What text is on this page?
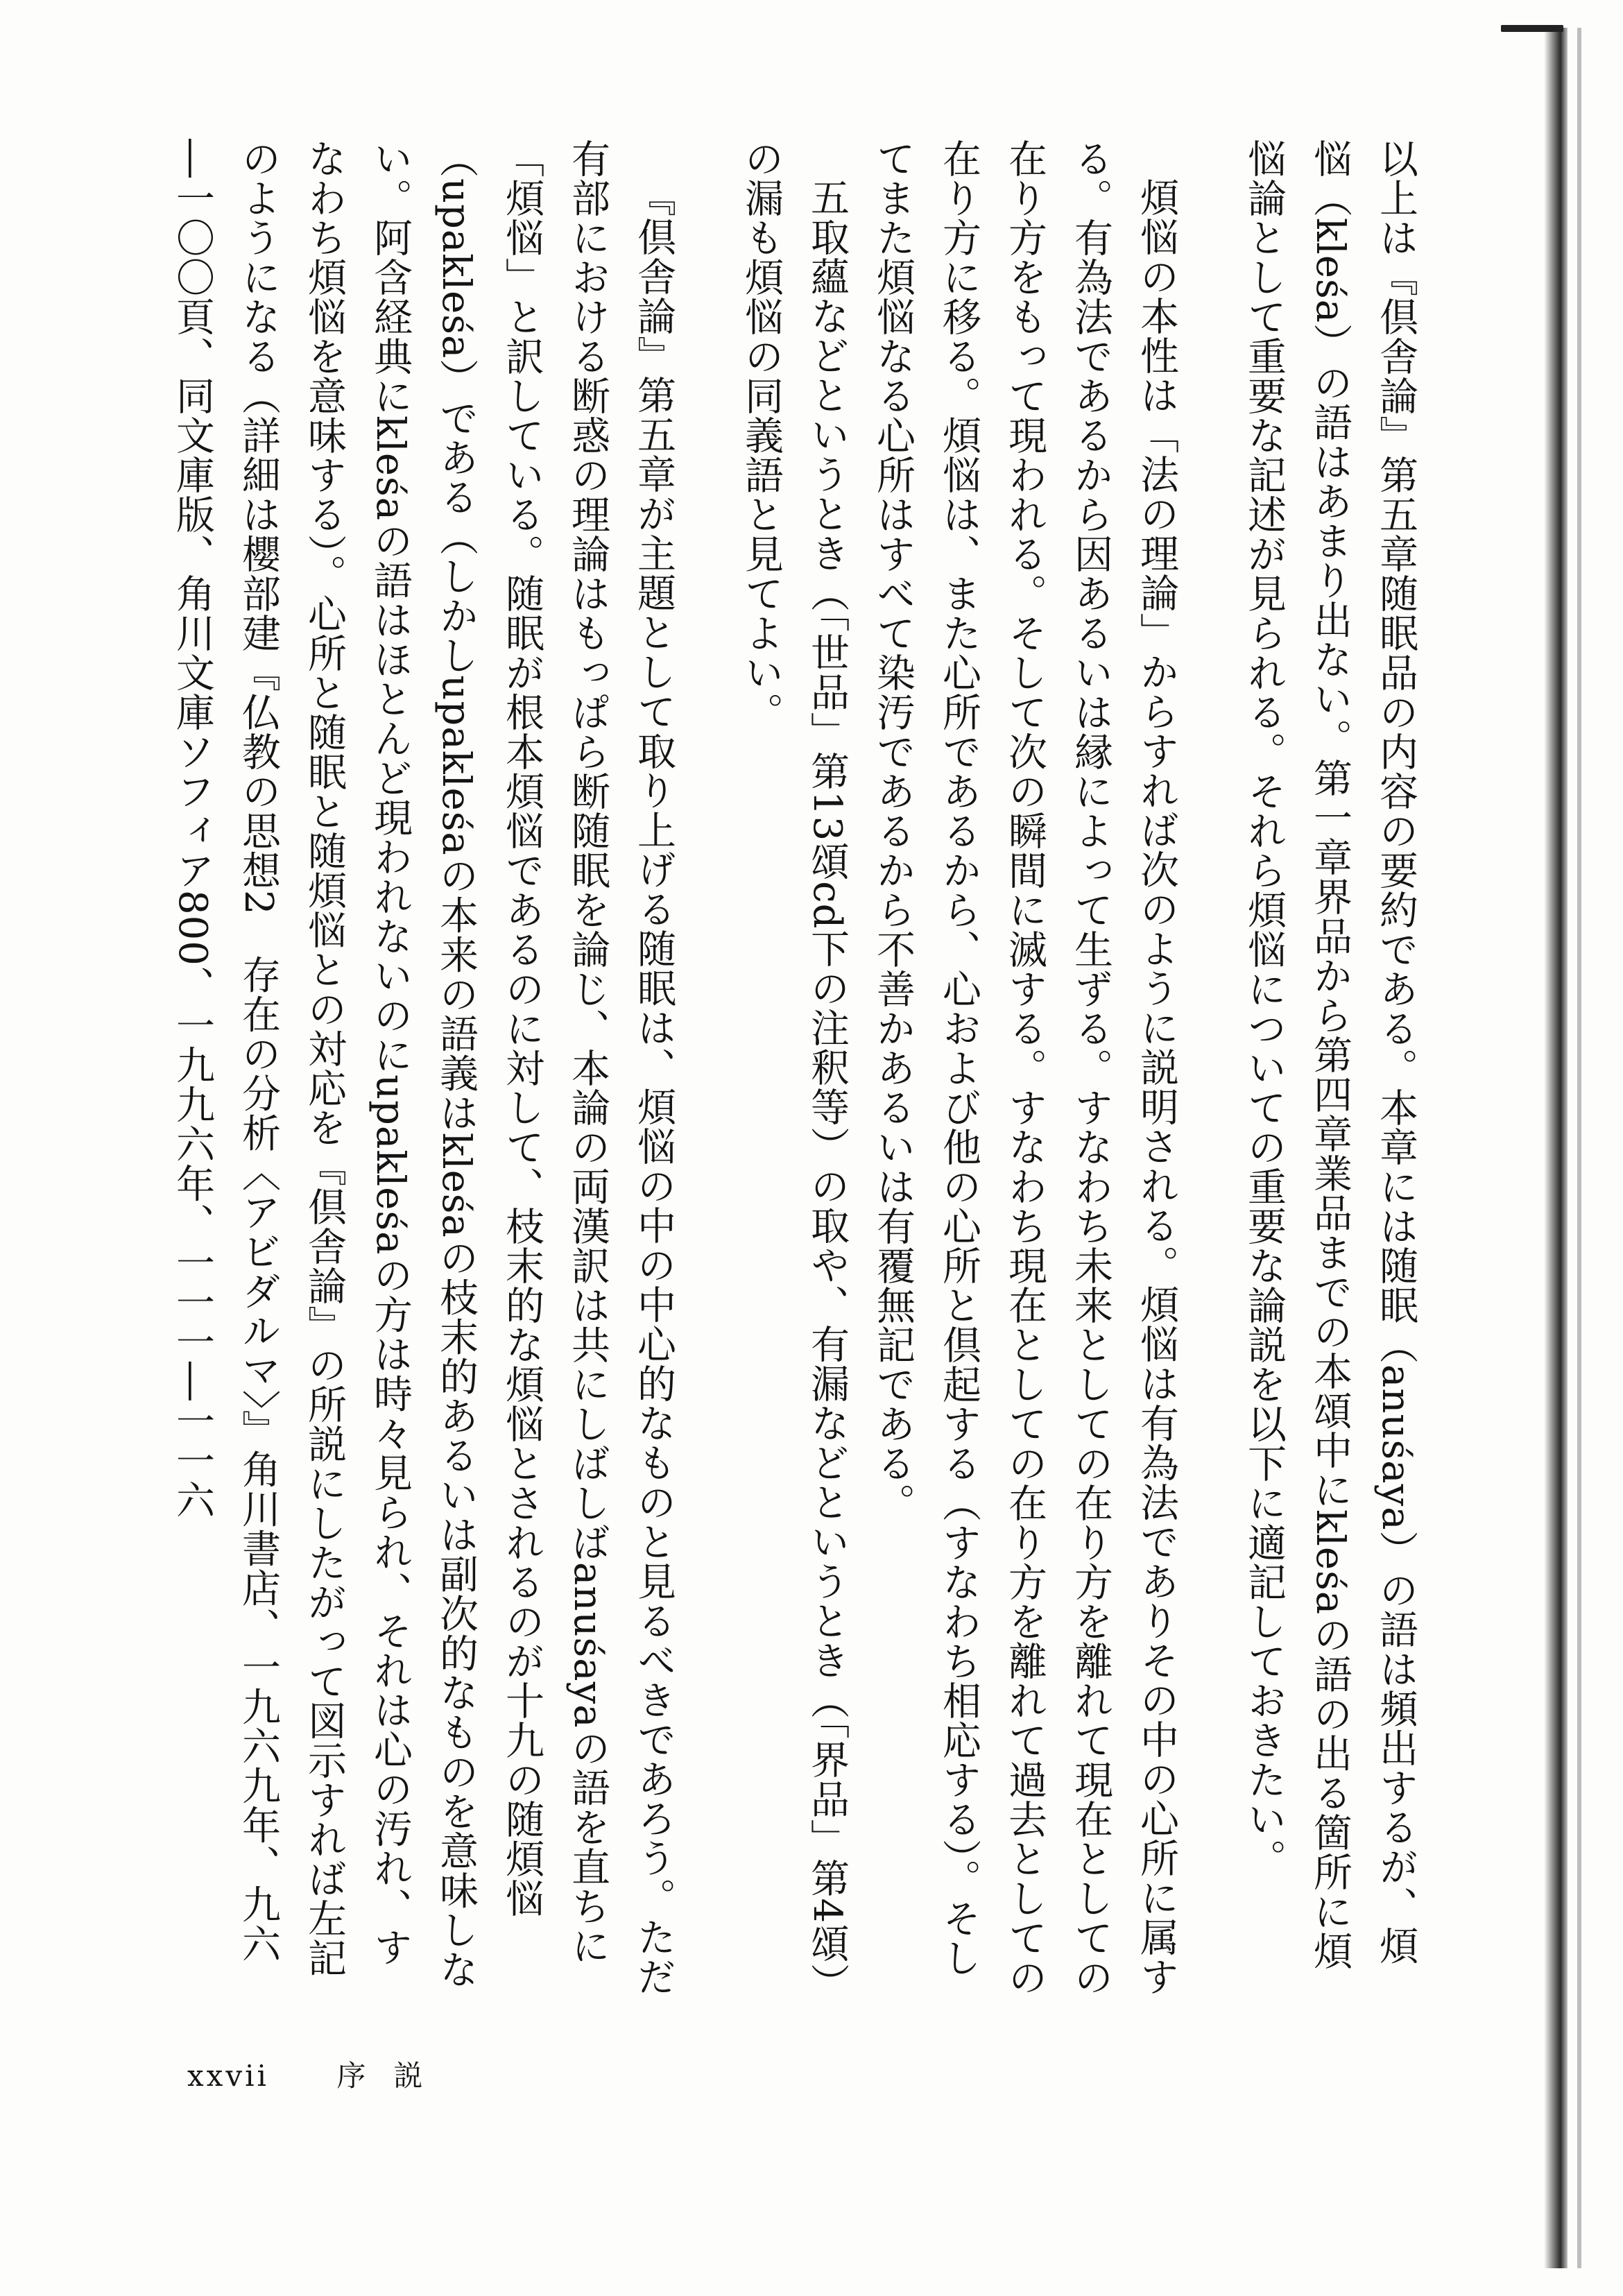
以上は『倶舎論』第五章随眠品の内容の要約である。本章には随眠（anuśaya）の語は頻出するが、煩悩（kleśa）の語はあまり出ない。第一章界品から第四章業品までの本頌中にkleśaの語の出る箇所に煩悩論として重要な記述が見られる。それら煩悩についての重要な論説を以下に適記しておきたい。

煩悩の本性は「法の理論」からすれば次のように説明される。煩悩は有為法でありその中の心所に属する。有為法であるから因あるいは縁によって生ずる。すなわち未来としての在り方を離れて現在としての在り方をもって現われる。そして次の瞬間に滅する。すなわち現在としての在り方を離れて過去としての在り方に移る。煩悩は、また心所であるから、心および他の心所と倶起する（すなわち相応する）。そしてまた煩悩なる心所はすべて染汚であるから不善かあるいは有覆無記である。

五取蘊などというとき（「世品」第13頌cd下の注釈等）の取や、有漏などというとき（「界品」第4頌）の漏も煩悩の同義語と見てよい。

『倶舎論』第五章が主題として取り上げる随眠は、煩悩の中の中心的なものと見るべきであろう。ただ有部における断惑の理論はもっぱら断随眠を論じ、本論の両漢訳は共にしばしばanuśayaの語を直ちに「煩悩」と訳している。随眠が根本煩悩であるのに対して、枝末的な煩悩とされるのが十九の随煩悩（upakleśa）である（しかしupakleśaの本来の語義はkleśaの枝末的あるいは副次的なものを意味しない。阿含経典にkleśaの語はほとんど現われないのにupakleśaの方は時々見られ、それは心の汚れ、すなわち煩悩を意味する）。心所と随眠と随煩悩との対応を『倶舎論』の所説にしたがって図示すれば左記のようになる（詳細は櫻部建『仏教の思想2　存在の分析〈アビダルマ〉』角川書店、一九六九年、九六―一〇〇頁、同文庫版、角川文庫ソフィア800、一九九六年、一一一―一一六

xxvii 序説
